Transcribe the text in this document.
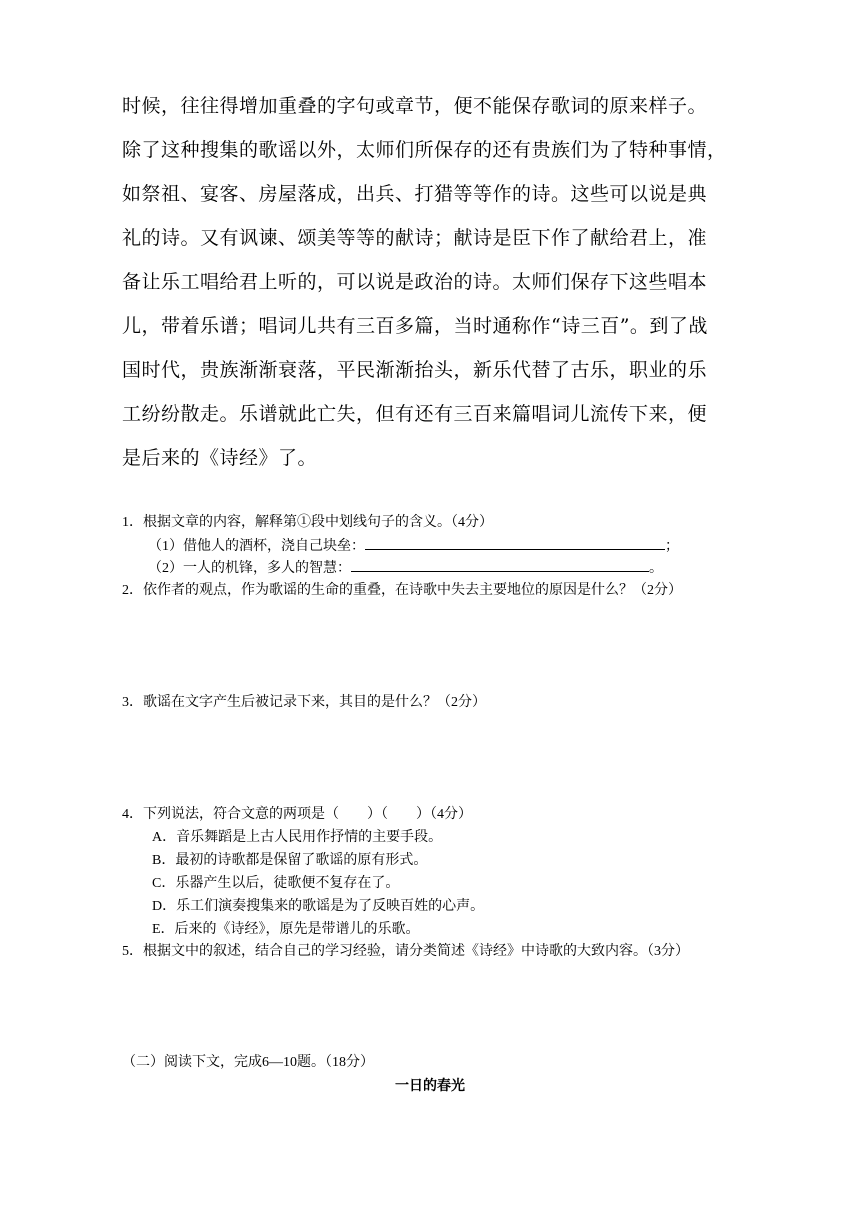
时候，往往得增加重叠的字句或章节，便不能保存歌词的原来样子。
除了这种搜集的歌谣以外，太师们所保存的还有贵族们为了特种事情，
如祭祖、宴客、房屋落成，出兵、打猎等等作的诗。这些可以说是典
礼的诗。又有讽谏、颂美等等的献诗；献诗是臣下作了献给君上，准
备让乐工唱给君上听的，可以说是政治的诗。太师们保存下这些唱本
儿，带着乐谱；唱词儿共有三百多篇，当时通称作“诗三百”。到了战
国时代，贵族渐渐衰落，平民渐渐抬头，新乐代替了古乐，职业的乐
工纷纷散走。乐谱就此亡失，但有还有三百来篇唱词儿流传下来，便
是后来的《诗经》了。
1．根据文章的内容，解释第①段中划线句子的含义。（4分）
（1）借他人的酒杯，浇自己块垒：	；
（2）一人的机锋，多人的智慧：	。
2．依作者的观点，作为歌谣的生命的重叠，在诗歌中失去主要地位的原因是什么？（2分）
3．歌谣在文字产生后被记录下来，其目的是什么？（2分）
4．下列说法，符合文意的两项是（　　）（　　）（4分）
A．音乐舞蹈是上古人民用作抒情的主要手段。
B．最初的诗歌都是保留了歌谣的原有形式。
C．乐器产生以后，徒歌便不复存在了。
D．乐工们演奏搜集来的歌谣是为了反映百姓的心声。
E．后来的《诗经》，原先是带谱儿的乐歌。
5．根据文中的叙述，结合自己的学习经验，请分类简述《诗经》中诗歌的大致内容。（3分）
（二）阅读下文，完成6—10题。（18分）
一日的春光
